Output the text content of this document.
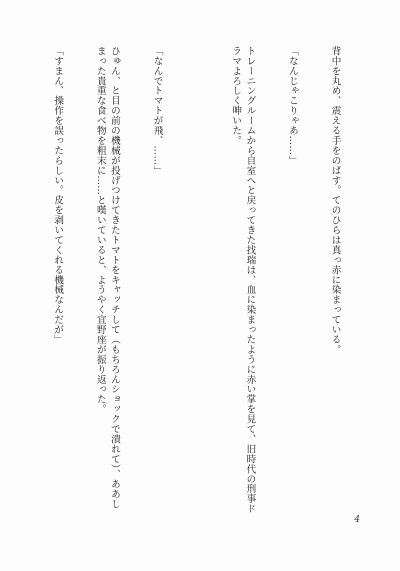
背中を丸め、震える手をのばす。てのひらは真っ赤に染まっている。

「なんじゃこりゃあ……」

トレーニングルームから自室へと戻ってきた找瑞は、血に染まったように赤い掌を見て、旧時代の刑事ドラマよろしく呻いた。

「なんでトマトが飛、……」

ひゅん、と目の前の機械が投げつけてきたトマトをキャッチして（もちろんショックで潰れて）、ああしまった貴重な食べ物を粗末に……と嘆いていると、ようやく宜野座が振り返った。

「すまん、操作を誤ったらしい。皮を剥いてくれる機械なんだが」

4
